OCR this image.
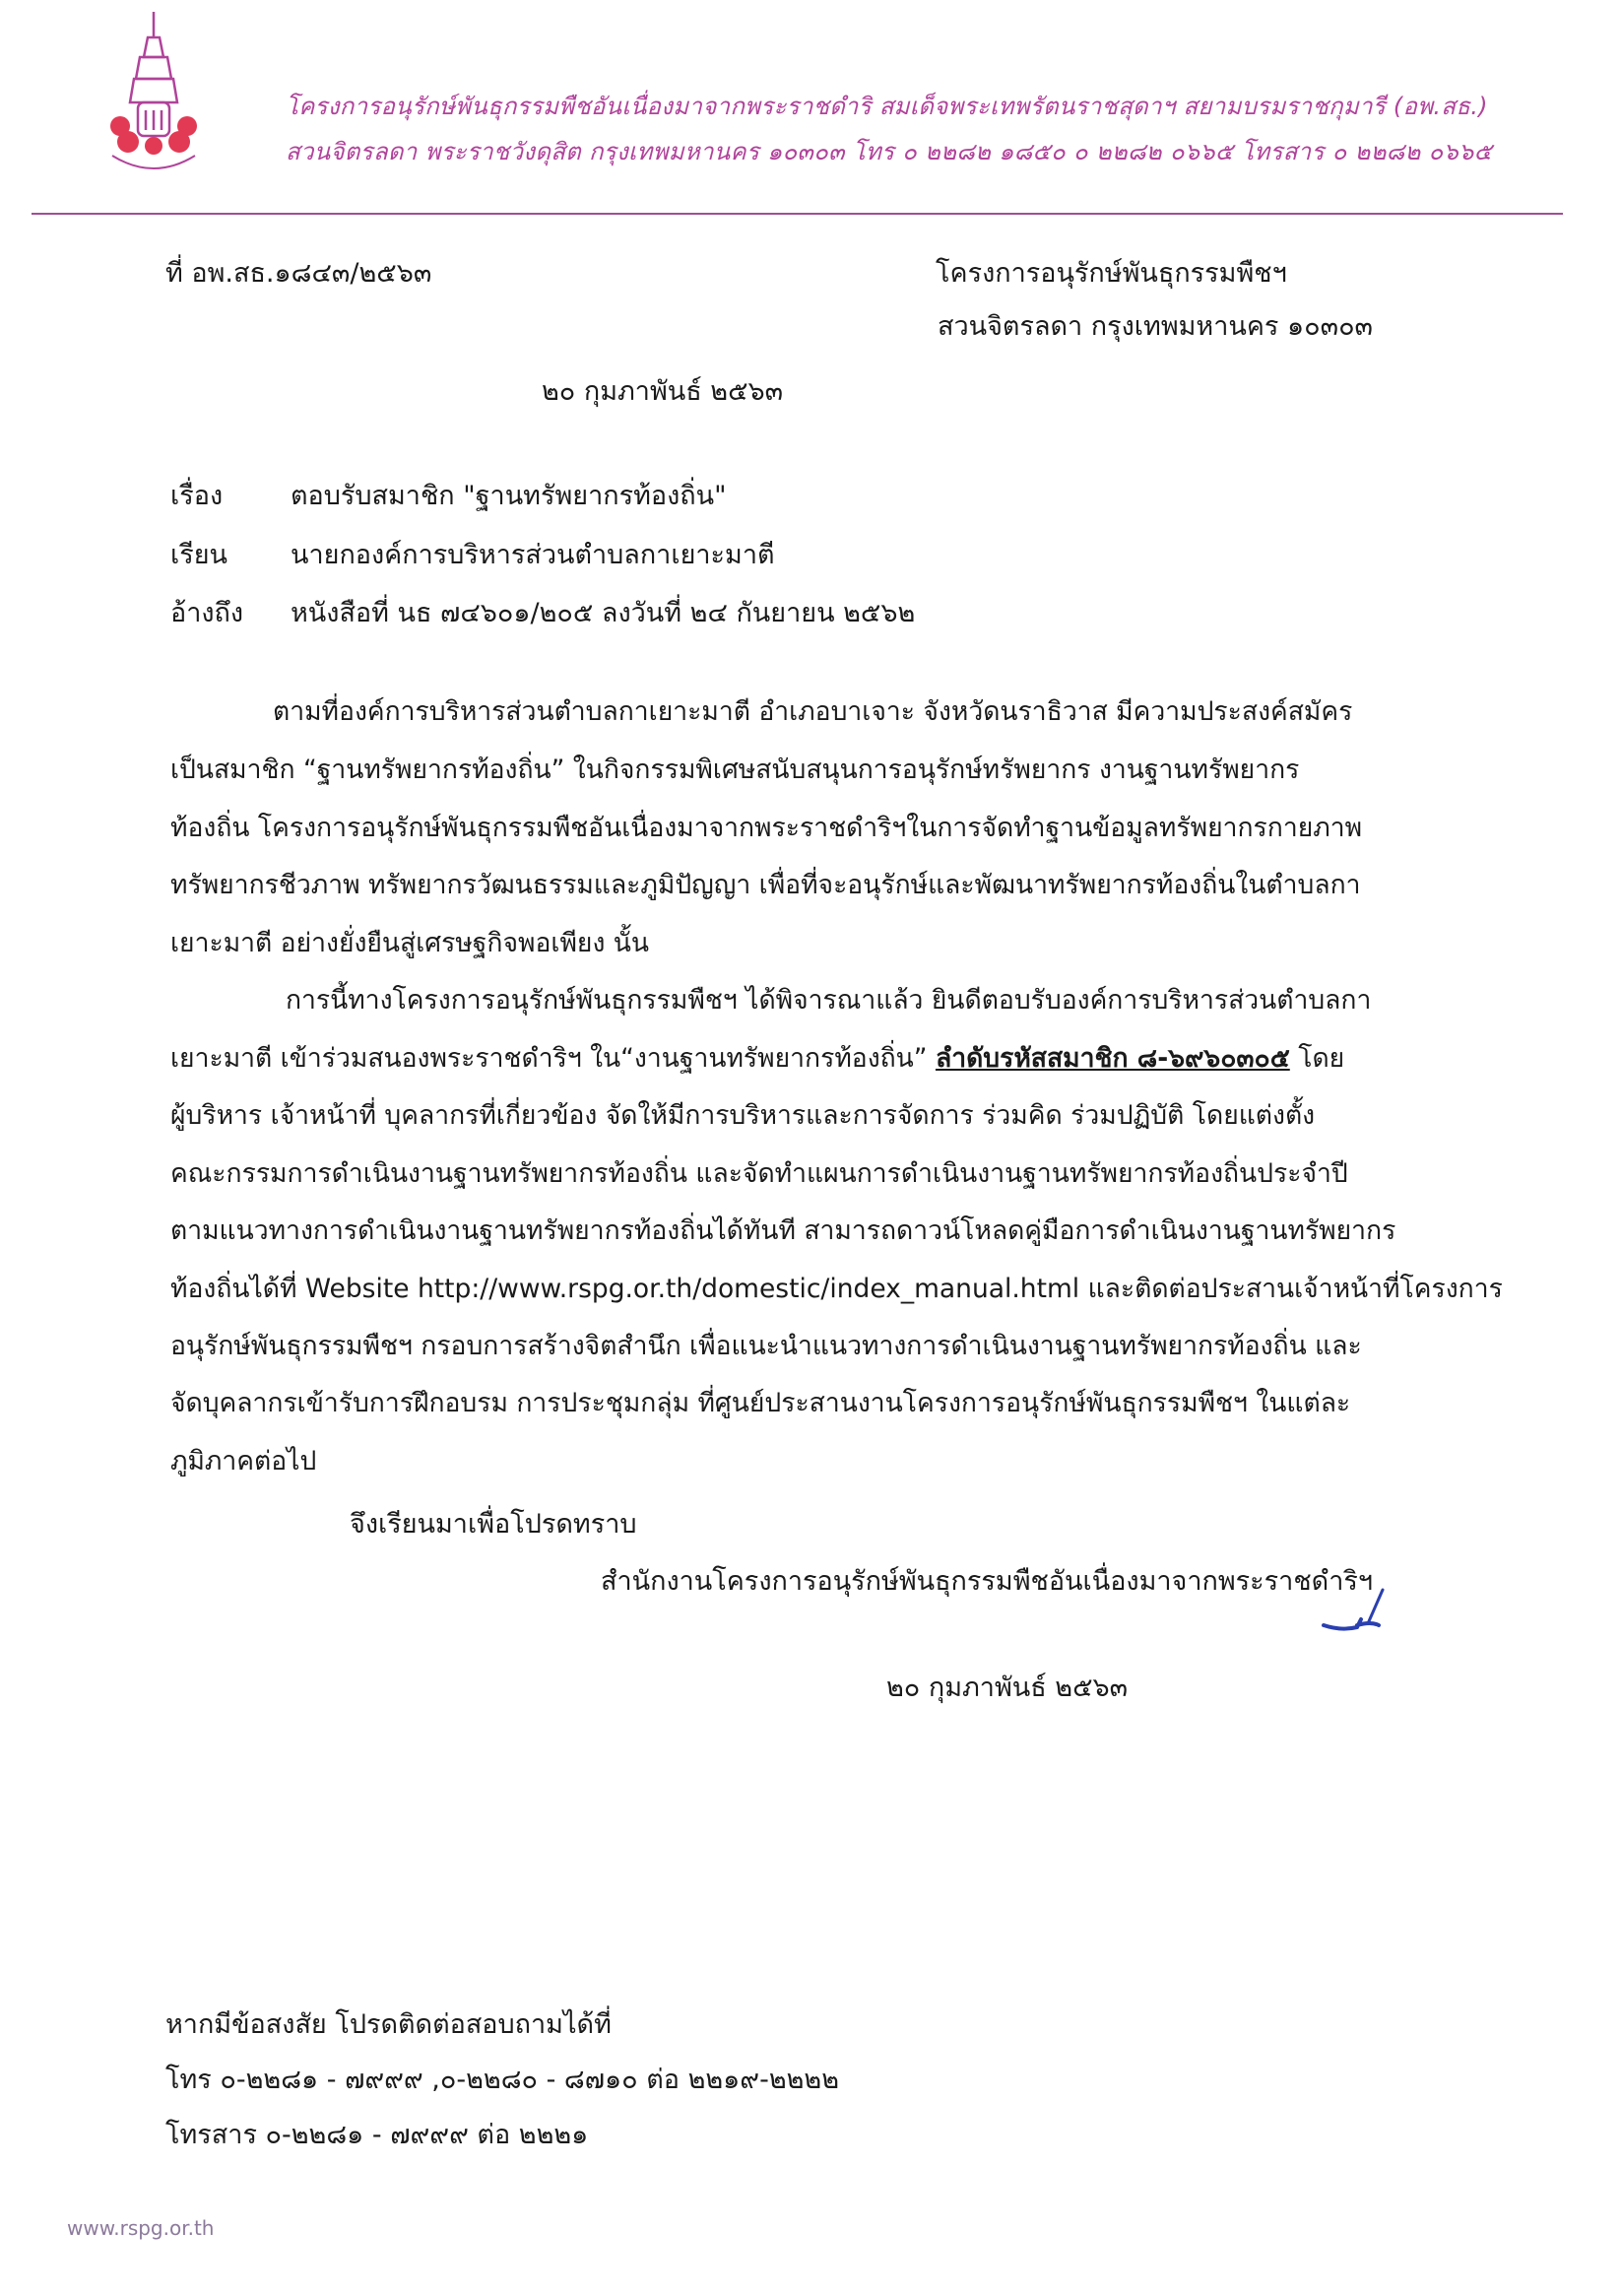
โครงการอนุรักษ์พันธุกรรมพืชอันเนื่องมาจากพระราชดำริ สมเด็จพระเทพรัตนราชสุดาฯ สยามบรมราชกุมารี (อพ.สธ.)
สวนจิตรลดา พระราชวังดุสิต กรุงเทพมหานคร ๑๐๓๐๓ โทร ๐ ๒๒๘๒ ๑๘๕๐ ๐ ๒๒๘๒ ๐๖๖๕ โทรสาร ๐ ๒๒๘๒ ๐๖๖๕
ที่ อพ.สธ.๑๘๔๓/๒๕๖๓	โครงการอนุรักษ์พันธุกรรมพืชฯ
สวนจิตรลดา กรุงเทพมหานคร ๑๐๓๐๓
๒๐ กุมภาพันธ์ ๒๕๖๓
เรื่อง	ตอบรับสมาชิก "ฐานทรัพยากรท้องถิ่น"
เรียน นายกองค์การบริหารส่วนตำบลกาเยาะมาตี
อ้างถึง หนังสือที่ นธ ๗๔๖๐๑/๒๐๕ ลงวันที่ ๒๔ กันยายน ๒๕๖๒
ตามที่องค์การบริหารส่วนตำบลกาเยาะมาตี อำเภอบาเจาะ จังหวัดนราธิวาส มีความประสงค์สมัคร
เป็นสมาชิก “ฐานทรัพยากรท้องถิ่น” ในกิจกรรมพิเศษสนับสนุนการอนุรักษ์ทรัพยากร งานฐานทรัพยากร
ท้องถิ่น โครงการอนุรักษ์พันธุกรรมพืชอันเนื่องมาจากพระราชดำริฯในการจัดทำฐานข้อมูลทรัพยากรกายภาพ
ทรัพยากรชีวภาพ ทรัพยากรวัฒนธรรมและภูมิปัญญา เพื่อที่จะอนุรักษ์และพัฒนาทรัพยากรท้องถิ่นในตำบลกา
เยาะมาตี อย่างยั่งยืนสู่เศรษฐกิจพอเพียง นั้น
การนี้ทางโครงการอนุรักษ์พันธุกรรมพืชฯ ได้พิจารณาแล้ว ยินดีตอบรับองค์การบริหารส่วนตำบลกา
เยาะมาตี เข้าร่วมสนองพระราชดำริฯ ใน“งานฐานทรัพยากรท้องถิ่น” ลำดับรหัสสมาชิก ๘-๖๙๖๐๓๐๕ โดย
ผู้บริหาร เจ้าหน้าที่ บุคลากรที่เกี่ยวข้อง จัดให้มีการบริหารและการจัดการ ร่วมคิด ร่วมปฏิบัติ โดยแต่งตั้ง
คณะกรรมการดำเนินงานฐานทรัพยากรท้องถิ่น และจัดทำแผนการดำเนินงานฐานทรัพยากรท้องถิ่นประจำปี
ตามแนวทางการดำเนินงานฐานทรัพยากรท้องถิ่นได้ทันที สามารถดาวน์โหลดคู่มือการดำเนินงานฐานทรัพยากร
ท้องถิ่นได้ที่ Website http://www.rspg.or.th/domestic/index_manual.html และติดต่อประสานเจ้าหน้าที่โครงการ
อนุรักษ์พันธุกรรมพืชฯ กรอบการสร้างจิตสำนึก เพื่อแนะนำแนวทางการดำเนินงานฐานทรัพยากรท้องถิ่น และ
จัดบุคลากรเข้ารับการฝึกอบรม การประชุมกลุ่ม ที่ศูนย์ประสานงานโครงการอนุรักษ์พันธุกรรมพืชฯ ในแต่ละ
ภูมิภาคต่อไป
จึงเรียนมาเพื่อโปรดทราบ
สำนักงานโครงการอนุรักษ์พันธุกรรมพืชอันเนื่องมาจากพระราชดำริฯ
๒๐ กุมภาพันธ์ ๒๕๖๓
หากมีข้อสงสัย โปรดติดต่อสอบถามได้ที่
โทร ๐-๒๒๘๑ - ๗๙๙๙ ,๐-๒๒๘๐ - ๘๗๑๐ ต่อ ๒๒๑๙-๒๒๒๒
โทรสาร ๐-๒๒๘๑ - ๗๙๙๙ ต่อ ๒๒๒๑
www.rspg.or.th
